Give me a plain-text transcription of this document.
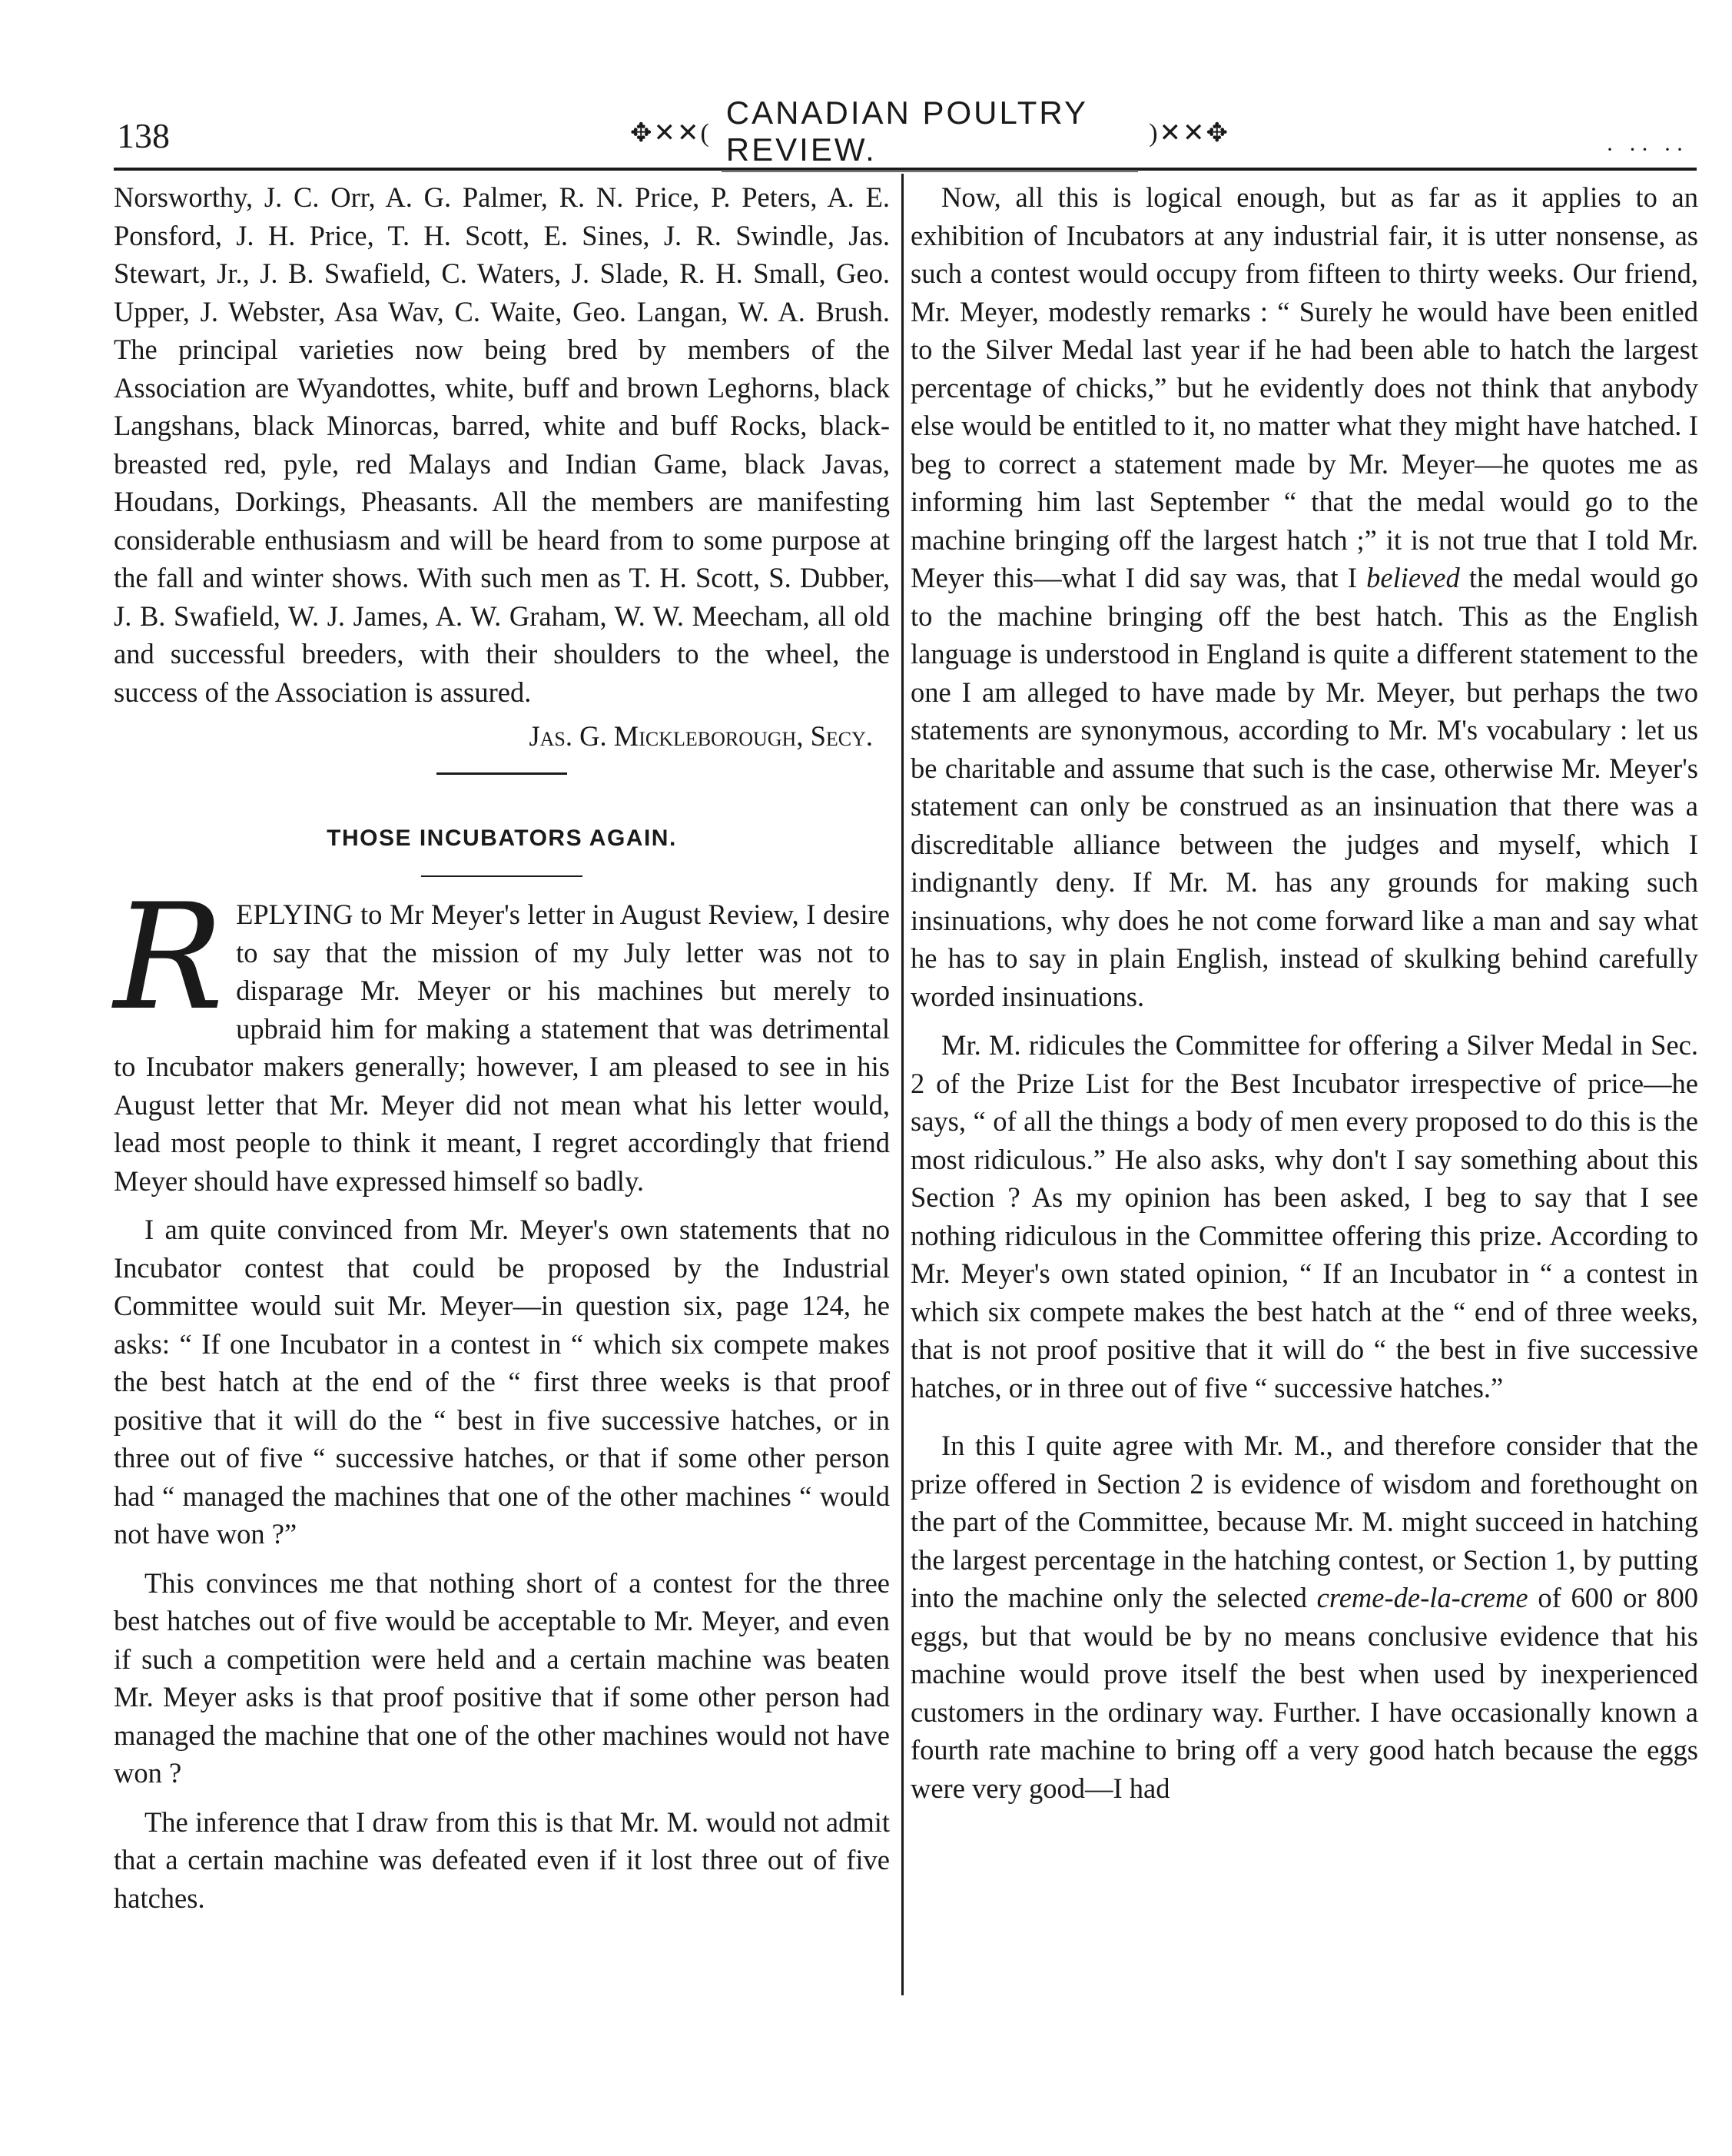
138	✥✕✕(
CANADIAN POULTRY REVIEW.	)✕✕✥
· ·· ··

Norsworthy, J. C. Orr, A. G. Palmer, R. N. Price, P. Peters, A. E. Ponsford, J. H. Price, T. H. Scott, E. Sines, J. R. Swindle, Jas. Stewart, Jr., J. B. Swafield, C. Waters, J. Slade, R. H. Small, Geo. Upper, J. Webster, Asa Wav, C. Waite, Geo. Langan, W. A. Brush. The principal varieties now being bred by members of the Association are Wyandottes, white, buff and brown Leghorns, black Langshans, black Minorcas, barred, white and buff Rocks, black-breasted red, pyle, red Malays and Indian Game, black Javas, Houdans, Dorkings, Pheasants. All the members are manifesting considerable enthusiasm and will be heard from to some purpose at the fall and winter shows. With such men as T. H. Scott, S. Dubber, J. B. Swafield, W. J. James, A. W. Graham, W. W. Meecham, all old and successful breeders, with their shoulders to the wheel, the success of the Association is assured.

Jas. G. Mickleborough, Secy.

THOSE INCUBATORS AGAIN.

REPLYING to Mr Meyer's letter in August Review, I desire to say that the mission of my July letter was not to disparage Mr. Meyer or his machines but merely to upbraid him for making a statement that was detrimental to Incubator makers generally; however, I am pleased to see in his August letter that Mr. Meyer did not mean what his letter would, lead most people to think it meant, I regret accordingly that friend Meyer should have expressed himself so badly.

I am quite convinced from Mr. Meyer's own statements that no Incubator contest that could be proposed by the Industrial Committee would suit Mr. Meyer—in question six, page 124, he asks: “ If one Incubator in a contest in “ which six compete makes the best hatch at the end of the “ first three weeks is that proof positive that it will do the “ best in five successive hatches, or in three out of five “ successive hatches, or that if some other person had “ managed the machines that one of the other machines “ would not have won ?”

This convinces me that nothing short of a contest for the three best hatches out of five would be acceptable to Mr. Meyer, and even if such a competition were held and a certain machine was beaten Mr. Meyer asks is that proof positive that if some other person had managed the machine that one of the other machines would not have won ?

The inference that I draw from this is that Mr. M. would not admit that a certain machine was defeated even if it lost three out of five hatches.

Now, all this is logical enough, but as far as it applies to an exhibition of Incubators at any industrial fair, it is utter nonsense, as such a contest would occupy from fifteen to thirty weeks. Our friend, Mr. Meyer, modestly remarks : “ Surely he would have been enitled to the Silver Medal last year if he had been able to hatch the largest percentage of chicks,” but he evidently does not think that anybody else would be entitled to it, no matter what they might have hatched. I beg to correct a statement made by Mr. Meyer—he quotes me as informing him last September “ that the medal would go to the machine bringing off the largest hatch ;” it is not true that I told Mr. Meyer this—what I did say was, that I believed the medal would go to the machine bringing off the best hatch. This as the English language is understood in England is quite a different statement to the one I am alleged to have made by Mr. Meyer, but perhaps the two statements are synonymous, according to Mr. M's vocabulary : let us be charitable and assume that such is the case, otherwise Mr. Meyer's statement can only be construed as an insinuation that there was a discreditable alliance between the judges and myself, which I indignantly deny. If Mr. M. has any grounds for making such insinuations, why does he not come forward like a man and say what he has to say in plain English, instead of skulking behind carefully worded insinuations.

Mr. M. ridicules the Committee for offering a Silver Medal in Sec. 2 of the Prize List for the Best Incubator irrespective of price—he says, “ of all the things a body of men every proposed to do this is the most ridiculous.” He also asks, why don't I say something about this Section ? As my opinion has been asked, I beg to say that I see nothing ridiculous in the Committee offering this prize. According to Mr. Meyer's own stated opinion, “ If an Incubator in “ a contest in which six compete makes the best hatch at the “ end of three weeks, that is not proof positive that it will do “ the best in five successive hatches, or in three out of five “ successive hatches.”

In this I quite agree with Mr. M., and therefore consider that the prize offered in Section 2 is evidence of wisdom and forethought on the part of the Committee, because Mr. M. might succeed in hatching the largest percentage in the hatching contest, or Section 1, by putting into the machine only the selected creme-de-la-creme of 600 or 800 eggs, but that would be by no means conclusive evidence that his machine would prove itself the best when used by inexperienced customers in the ordinary way. Further. I have occasionally known a fourth rate machine to bring off a very good hatch because the eggs were very good—I had
